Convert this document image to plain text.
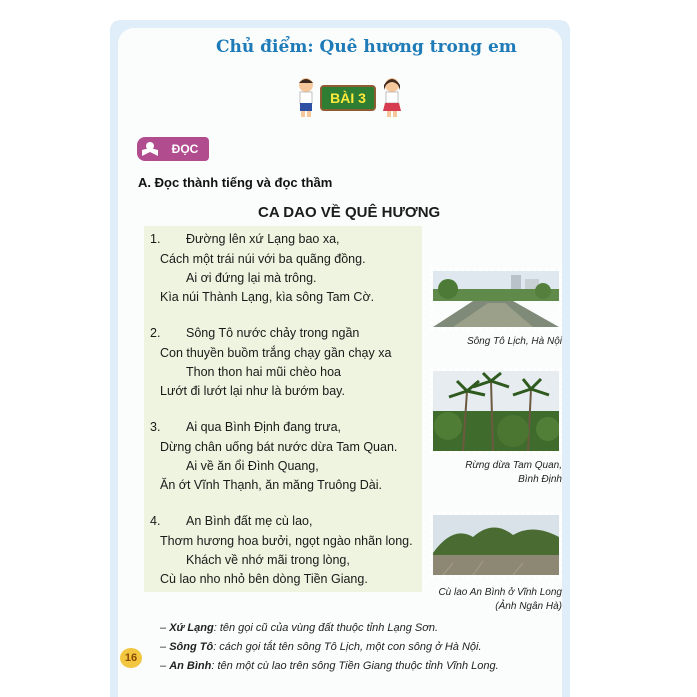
Chủ điểm: Quê hương trong em
BÀI 3
ĐỌC
A. Đọc thành tiếng và đọc thầm
CA DAO VỀ QUÊ HƯƠNG
1. Đường lên xứ Lạng bao xa,
Cách một trái núi với ba quãng đồng.
Ai ơi đứng lại mà trông.
Kìa núi Thành Lạng, kìa sông Tam Cờ.
2. Sông Tô nước chảy trong ngần
Con thuyền buồm trắng chạy gần chạy xa
Thon thon hai mũi chèo hoa
Lướt đi lướt lại như là bướm bay.
3. Ai qua Bình Định đang trưa,
Dừng chân uống bát nước dừa Tam Quan.
Ai về ăn ổi Đình Quang,
Ăn ớt Vĩnh Thạnh, ăn măng Truông Dài.
4. An Bình đất mẹ cù lao,
Thơm hương hoa bưởi, ngọt ngào nhãn long.
Khách về nhớ mãi trong lòng,
Cù lao nho nhỏ bên dòng Tiền Giang.
Sông Tô Lịch, Hà Nội
Rừng dừa Tam Quan,
Bình Định
Cù lao An Bình ở Vĩnh Long
(Ảnh Ngân Hà)
– Xứ Lạng: tên gọi cũ của vùng đất thuộc tỉnh Lạng Sơn.
– Sông Tô: cách gọi tắt tên sông Tô Lịch, một con sông ở Hà Nội.
– An Bình: tên một cù lao trên sông Tiền Giang thuộc tỉnh Vĩnh Long.
16
